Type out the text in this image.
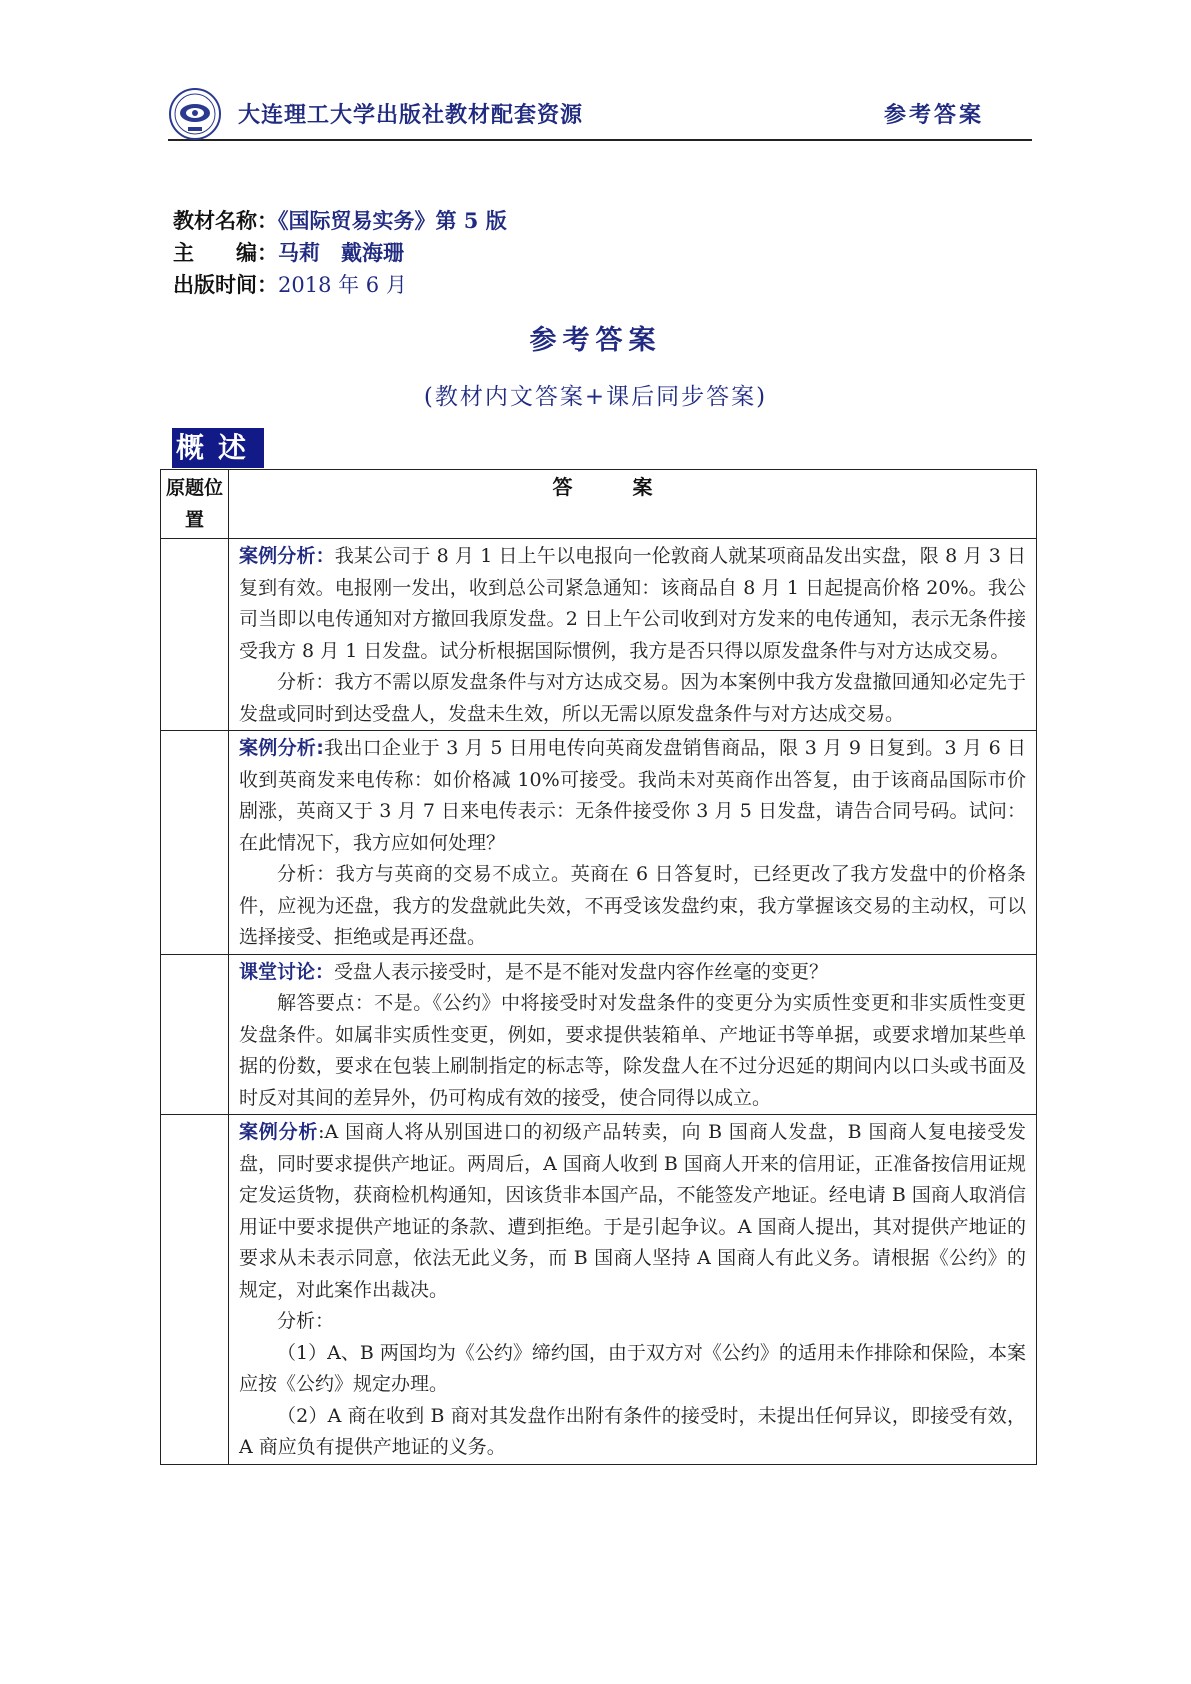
大连理工大学出版社教材配套资源	参考答案
教材名称：《国际贸易实务》第 5 版
主　　编：马莉　戴海珊
出版时间：2018 年 6 月
参考答案
(教材内文答案+课后同步答案)
概述
原题位置	答案

	案例分析：我某公司于 8 月 1 日上午以电报向一伦敦商人就某项商品发出实盘，限 8 月 3 日复到有效。电报刚一发出，收到总公司紧急通知：该商品自 8 月 1 日起提高价格 20%。我公司当即以电传通知对方撤回我原发盘。2 日上午公司收到对方发来的电传通知，表示无条件接受我方 8 月 1 日发盘。试分析根据国际惯例，我方是否只得以原发盘条件与对方达成交易。

分析：我方不需以原发盘条件与对方达成交易。因为本案例中我方发盘撤回通知必定先于发盘或同时到达受盘人，发盘未生效，所以无需以原发盘条件与对方达成交易。

	案例分析:我出口企业于 3 月 5 日用电传向英商发盘销售商品，限 3 月 9 日复到。3 月 6 日收到英商发来电传称：如价格减 10%可接受。我尚未对英商作出答复，由于该商品国际市价剧涨，英商又于 3 月 7 日来电传表示：无条件接受你 3 月 5 日发盘，请告合同号码。试问：在此情况下，我方应如何处理？

分析：我方与英商的交易不成立。英商在 6 日答复时，已经更改了我方发盘中的价格条件，应视为还盘，我方的发盘就此失效，不再受该发盘约束，我方掌握该交易的主动权，可以选择接受、拒绝或是再还盘。

	课堂讨论：受盘人表示接受时，是不是不能对发盘内容作丝毫的变更？

解答要点：不是。《公约》中将接受时对发盘条件的变更分为实质性变更和非实质性变更发盘条件。如属非实质性变更，例如，要求提供装箱单、产地证书等单据，或要求增加某些单据的份数，要求在包装上刷制指定的标志等，除发盘人在不过分迟延的期间内以口头或书面及时反对其间的差异外，仍可构成有效的接受，使合同得以成立。

	案例分析:A 国商人将从别国进口的初级产品转卖，向 B 国商人发盘，B 国商人复电接受发盘，同时要求提供产地证。两周后，A 国商人收到 B 国商人开来的信用证，正准备按信用证规定发运货物，获商检机构通知，因该货非本国产品，不能签发产地证。经电请 B 国商人取消信用证中要求提供产地证的条款、遭到拒绝。于是引起争议。A 国商人提出，其对提供产地证的要求从未表示同意，依法无此义务，而 B 国商人坚持 A 国商人有此义务。请根据《公约》的规定，对此案作出裁决。

分析：

（1）A、B 两国均为《公约》缔约国，由于双方对《公约》的适用未作排除和保险，本案应按《公约》规定办理。

（2）A 商在收到 B 商对其发盘作出附有条件的接受时，未提出任何异议，即接受有效，A 商应负有提供产地证的义务。
